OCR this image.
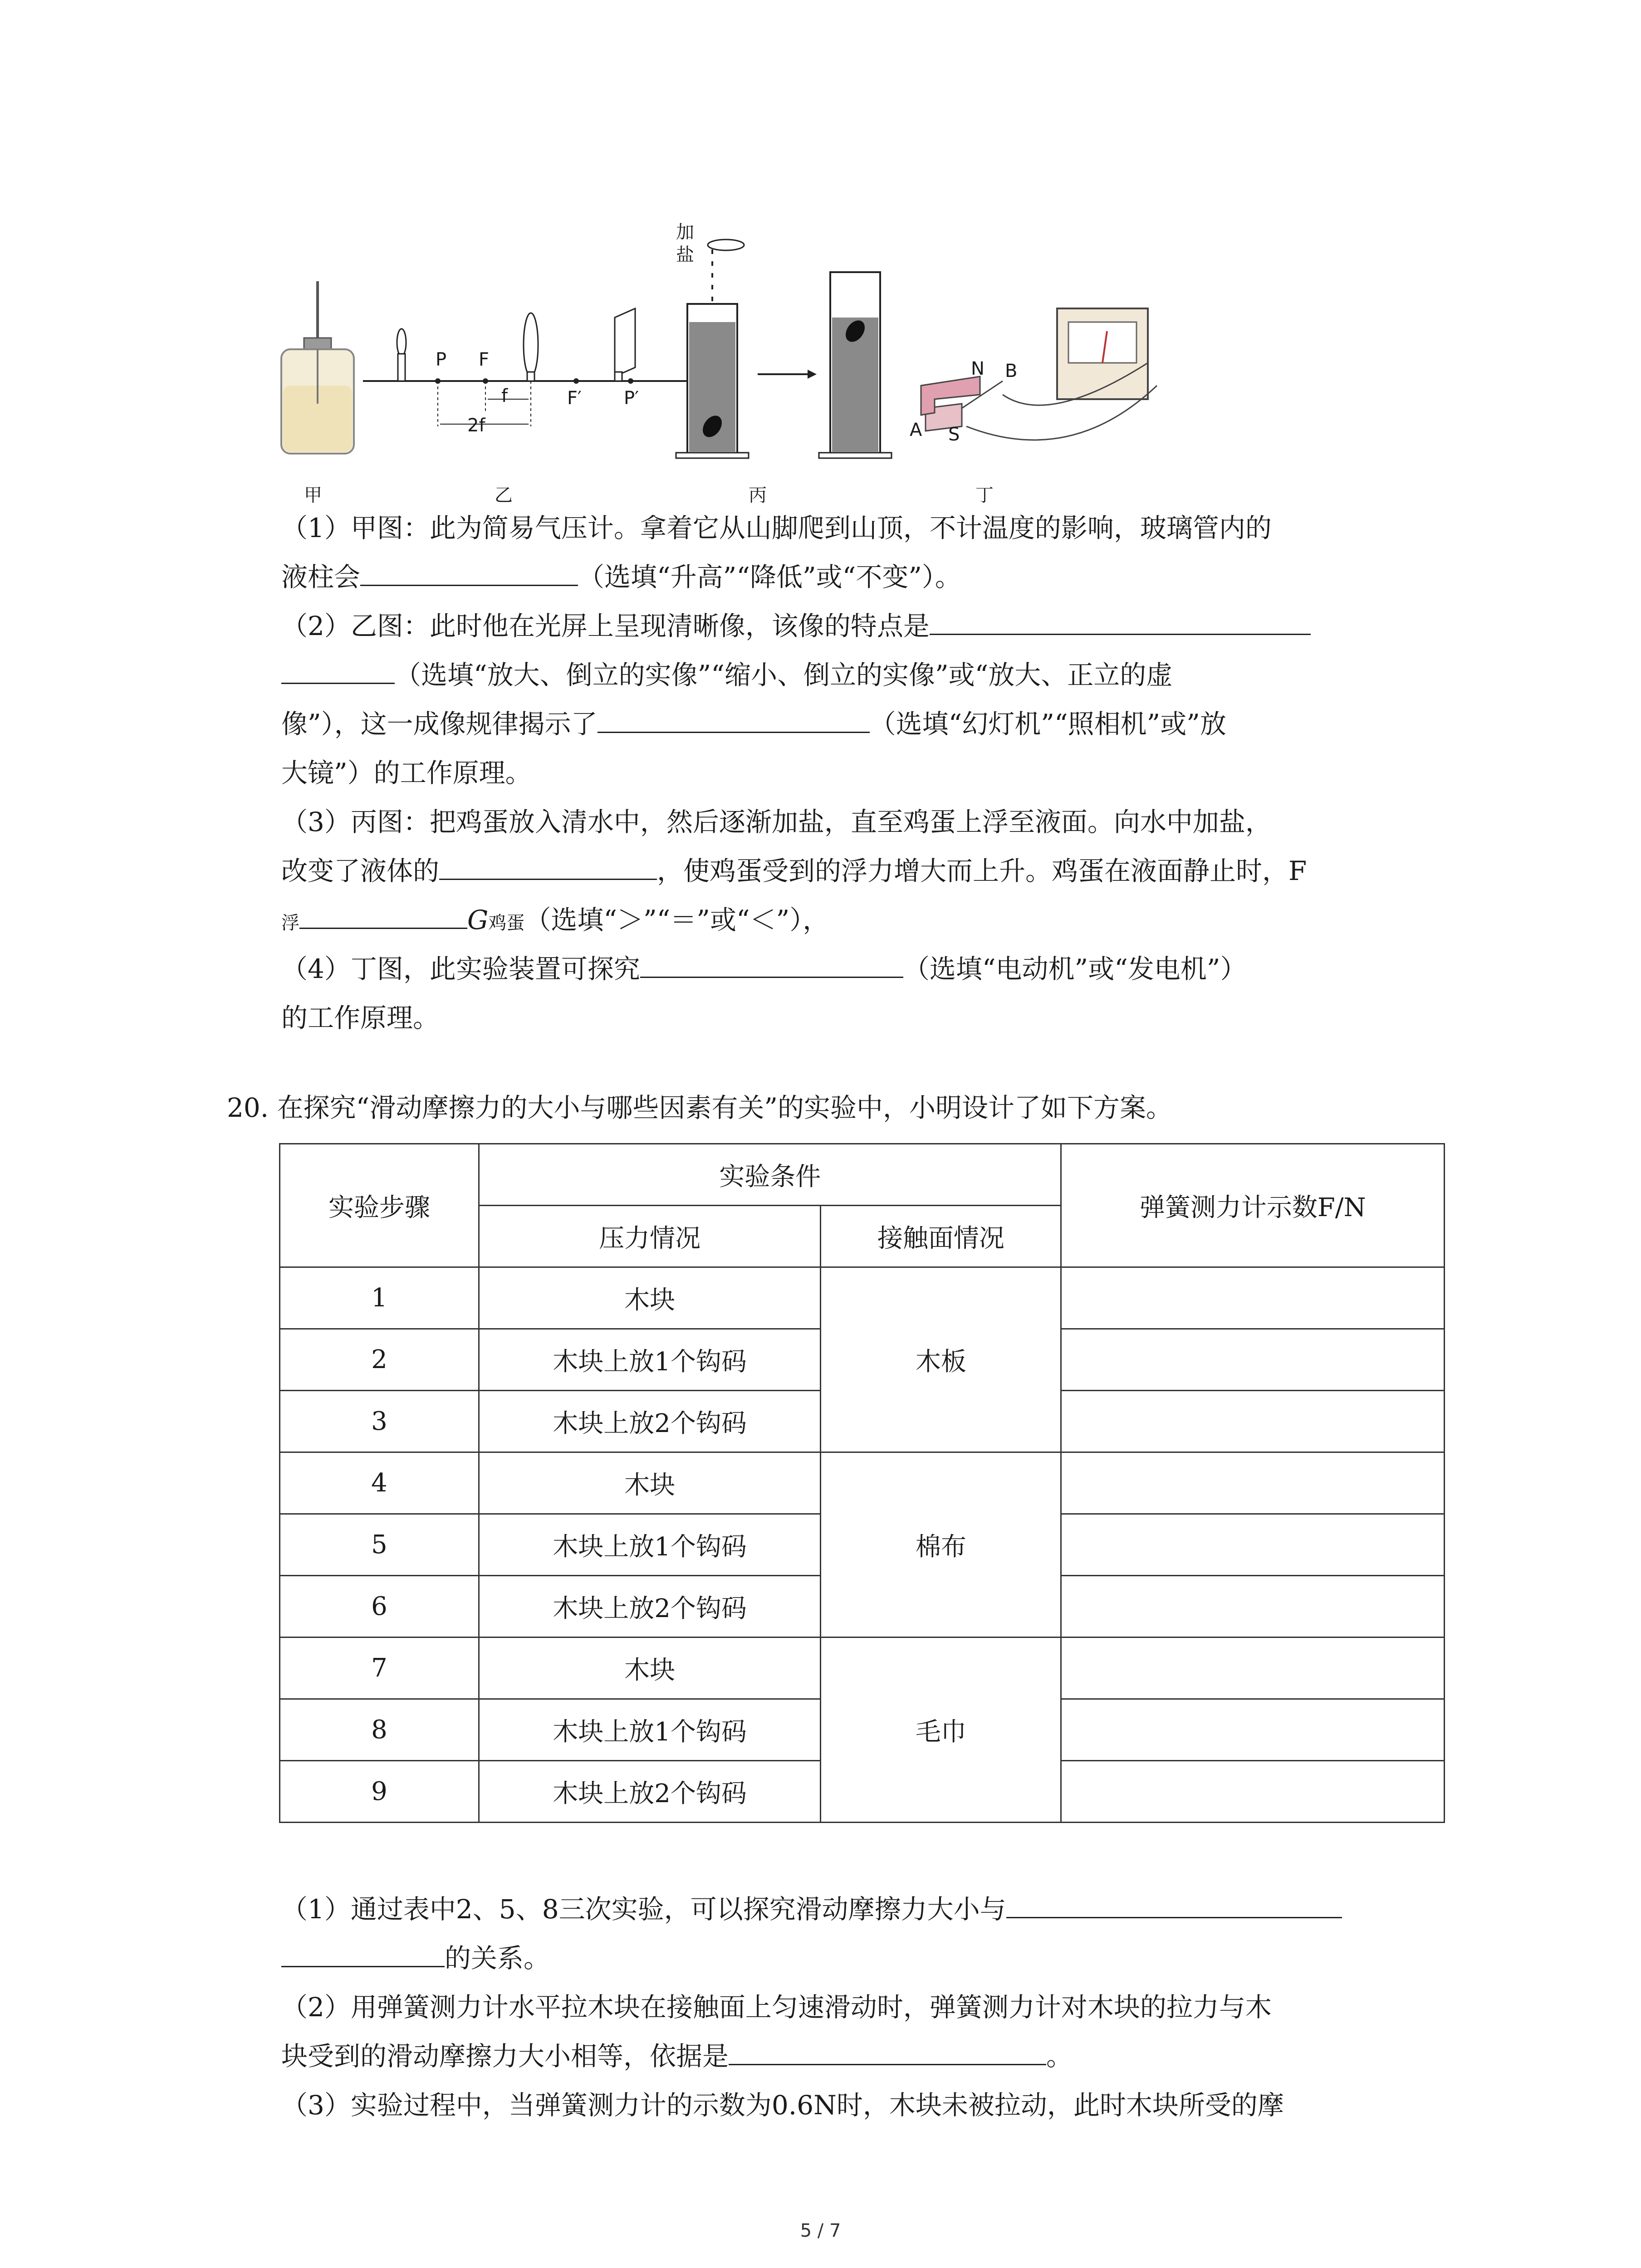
P F
f	F′ P′
2f
加
盐
N B
A S
甲	乙	丙	丁
（1）甲图：此为简易气压计。拿着它从山脚爬到山顶，不计温度的影响，玻璃管内的
液柱会	（选填“升高”“降低”或“不变”）。
（2）乙图：此时他在光屏上呈现清晰像，该像的特点是
（选填“放大、倒立的实像”“缩小、倒立的实像”或“放大、正立的虚
像”），这一成像规律揭示了	（选填“幻灯机”“照相机”或”放
大镜”）的工作原理。
（3）丙图：把鸡蛋放入清水中，然后逐渐加盐，直至鸡蛋上浮至液面。向水中加盐，
改变了液体的	，使鸡蛋受到的浮力增大而上升。鸡蛋在液面静止时，F
浮	G鸡蛋（选填“＞”“＝”或“＜”），
（4）丁图，此实验装置可探究	（选填“电动机”或“发电机”）
的工作原理。
20. 在探究“滑动摩擦力的大小与哪些因素有关”的实验中，小明设计了如下方案。
实验步骤	实验条件		弹簧测力计示数F/N
	压力情况	接触面情况	
1	木块	木板	
2	木块上放1个钩码		
3	木块上放2个钩码		
4	木块	棉布	
5	木块上放1个钩码		
6	木块上放2个钩码		
7	木块	毛巾	
8	木块上放1个钩码		
9	木块上放2个钩码		
（1）通过表中2、5、8三次实验，可以探究滑动摩擦力大小与
的关系。
（2）用弹簧测力计水平拉木块在接触面上匀速滑动时，弹簧测力计对木块的拉力与木
块受到的滑动摩擦力大小相等，依据是	。
（3）实验过程中，当弹簧测力计的示数为0.6N时，木块未被拉动，此时木块所受的摩
5 / 7
